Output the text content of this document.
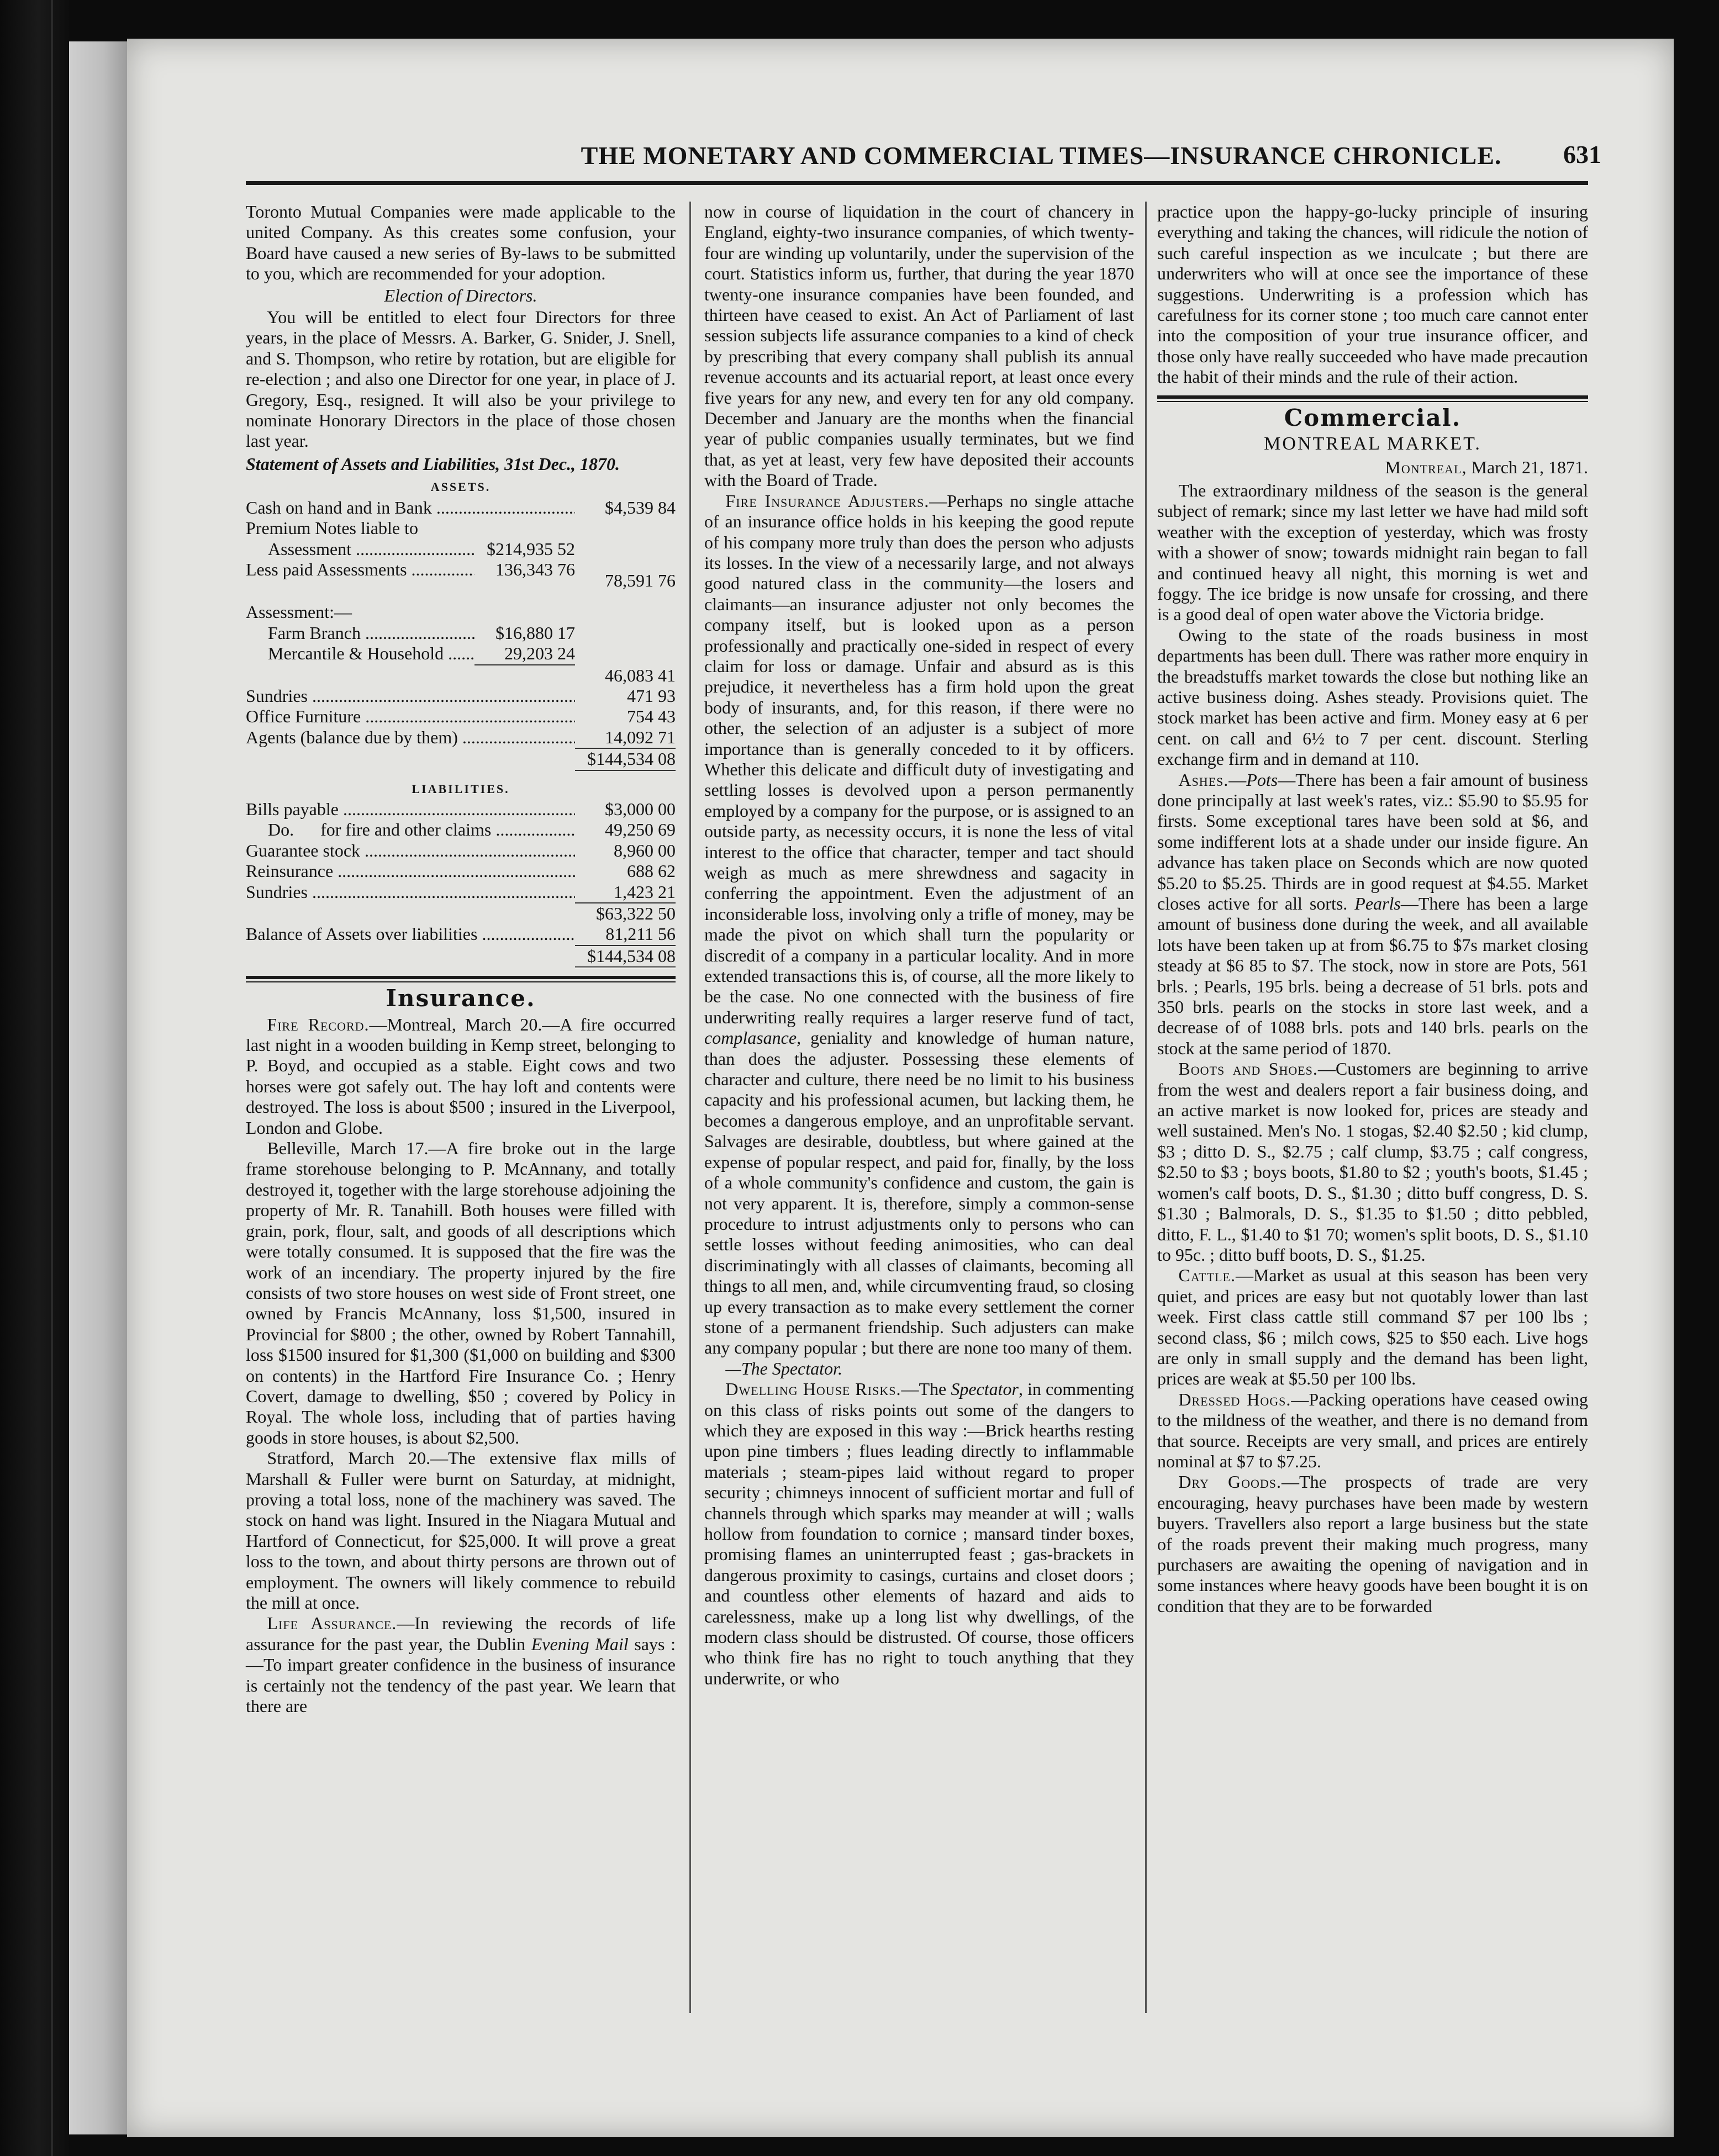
THE MONETARY AND COMMERCIAL TIMES—INSURANCE CHRONICLE.	631

Toronto Mutual Companies were made applicable to the united Company. As this creates some confusion, your Board have caused a new series of By-laws to be submitted to you, which are recommended for your adoption.

Election of Directors.

You will be entitled to elect four Directors for three years, in the place of Messrs. A. Barker, G. Snider, J. Snell, and S. Thompson, who retire by rotation, but are eligible for re-election ; and also one Director for one year, in place of J. Gregory, Esq., resigned. It will also be your privilege to nominate Honorary Directors in the place of those chosen last year.

Statement of Assets and Liabilities, 31st Dec., 1870.
ASSETS.
Cash on hand and in Bank .....	$4,539 84
Premium Notes liable to
Assessment .....	$214,935 52
Less paid Assessments .....	136,343 76
78,591 76
Assessment:—
Farm Branch .....	$16,880 17
Mercantile & Household .....	29,203 24
46,083 41
Sundries .....	471 93
Office Furniture .....	754 43
Agents (balance due by them) .....	14,092 71
$144,534 08
LIABILITIES.
Bills payable .....	$3,000 00
Do.      for fire and other claims .....	49,250 69
Guarantee stock .....	8,960 00
Reinsurance .....	688 62
Sundries .....	1,423 21
$63,322 50
Balance of Assets over liabilities .....	81,211 56
$144,534 08
Insurance.

Fire Record.—Montreal, March 20.—A fire occurred last night in a wooden building in Kemp street, belonging to P. Boyd, and occupied as a stable. Eight cows and two horses were got safely out. The hay loft and contents were destroyed. The loss is about $500 ; insured in the Liverpool, London and Globe.

Belleville, March 17.—A fire broke out in the large frame storehouse belonging to P. McAnnany, and totally destroyed it, together with the large storehouse adjoining the property of Mr. R. Tanahill. Both houses were filled with grain, pork, flour, salt, and goods of all descriptions which were totally consumed. It is supposed that the fire was the work of an incendiary. The property injured by the fire consists of two store houses on west side of Front street, one owned by Francis McAnnany, loss $1,500, insured in Provincial for $800 ; the other, owned by Robert Tannahill, loss $1500 insured for $1,300 ($1,000 on building and $300 on contents) in the Hartford Fire Insurance Co. ; Henry Covert, damage to dwelling, $50 ; covered by Policy in Royal. The whole loss, including that of parties having goods in store houses, is about $2,500.

Stratford, March 20.—The extensive flax mills of Marshall & Fuller were burnt on Saturday, at midnight, proving a total loss, none of the machinery was saved. The stock on hand was light. Insured in the Niagara Mutual and Hartford of Connecticut, for $25,000. It will prove a great loss to the town, and about thirty persons are thrown out of employment. The owners will likely commence to rebuild the mill at once.

Life Assurance.—In reviewing the records of life assurance for the past year, the Dublin Evening Mail says :—To impart greater confidence in the business of insurance is certainly not the tendency of the past year. We learn that there are

now in course of liquidation in the court of chancery in England, eighty-two insurance companies, of which twenty-four are winding up voluntarily, under the supervision of the court. Statistics inform us, further, that during the year 1870 twenty-one insurance companies have been founded, and thirteen have ceased to exist. An Act of Parliament of last session subjects life assurance companies to a kind of check by prescribing that every company shall publish its annual revenue accounts and its actuarial report, at least once every five years for any new, and every ten for any old company. December and January are the months when the financial year of public companies usually terminates, but we find that, as yet at least, very few have deposited their accounts with the Board of Trade.

Fire Insurance Adjusters.—Perhaps no single attache of an insurance office holds in his keeping the good repute of his company more truly than does the person who adjusts its losses. In the view of a necessarily large, and not always good natured class in the community—the losers and claimants—an insurance adjuster not only becomes the company itself, but is looked upon as a person professionally and practically one-sided in respect of every claim for loss or damage. Unfair and absurd as is this prejudice, it nevertheless has a firm hold upon the great body of insurants, and, for this reason, if there were no other, the selection of an adjuster is a subject of more importance than is generally conceded to it by officers. Whether this delicate and difficult duty of investigating and settling losses is devolved upon a person permanently employed by a company for the purpose, or is assigned to an outside party, as necessity occurs, it is none the less of vital interest to the office that character, temper and tact should weigh as much as mere shrewdness and sagacity in conferring the appointment. Even the adjustment of an inconsiderable loss, involving only a trifle of money, may be made the pivot on which shall turn the popularity or discredit of a company in a particular locality. And in more extended transactions this is, of course, all the more likely to be the case. No one connected with the business of fire underwriting really requires a larger reserve fund of tact, complasance, geniality and knowledge of human nature, than does the adjuster. Possessing these elements of character and culture, there need be no limit to his business capacity and his professional acumen, but lacking them, he becomes a dangerous employe, and an unprofitable servant. Salvages are desirable, doubtless, but where gained at the expense of popular respect, and paid for, finally, by the loss of a whole community's confidence and custom, the gain is not very apparent. It is, therefore, simply a common-sense procedure to intrust adjustments only to persons who can settle losses without feeding animosities, who can deal discriminatingly with all classes of claimants, becoming all things to all men, and, while circumventing fraud, so closing up every transaction as to make every settlement the corner stone of a permanent friendship. Such adjusters can make any company popular ; but there are none too many of them.

—The Spectator.

Dwelling House Risks.—The Spectator, in commenting on this class of risks points out some of the dangers to which they are exposed in this way :—Brick hearths resting upon pine timbers ; flues leading directly to inflammable materials ; steam-pipes laid without regard to proper security ; chimneys innocent of sufficient mortar and full of channels through which sparks may meander at will ; walls hollow from foundation to cornice ; mansard tinder boxes, promising flames an uninterrupted feast ; gas-brackets in dangerous proximity to casings, curtains and closet doors ; and countless other elements of hazard and aids to carelessness, make up a long list why dwellings, of the modern class should be distrusted. Of course, those officers who think fire has no right to touch anything that they underwrite, or who

practice upon the happy-go-lucky principle of insuring everything and taking the chances, will ridicule the notion of such careful inspection as we inculcate ; but there are underwriters who will at once see the importance of these suggestions. Underwriting is a profession which has carefulness for its corner stone ; too much care cannot enter into the composition of your true insurance officer, and those only have really succeeded who have made precaution the habit of their minds and the rule of their action.

Commercial.
MONTREAL MARKET.
Montreal, March 21, 1871.

The extraordinary mildness of the season is the general subject of remark; since my last letter we have had mild soft weather with the exception of yesterday, which was frosty with a shower of snow; towards midnight rain began to fall and continued heavy all night, this morning is wet and foggy. The ice bridge is now unsafe for crossing, and there is a good deal of open water above the Victoria bridge.

Owing to the state of the roads business in most departments has been dull. There was rather more enquiry in the breadstuffs market towards the close but nothing like an active business doing. Ashes steady. Provisions quiet. The stock market has been active and firm. Money easy at 6 per cent. on call and 6½ to 7 per cent. discount. Sterling exchange firm and in demand at 110.

Ashes.—Pots—There has been a fair amount of business done principally at last week's rates, viz.: $5.90 to $5.95 for firsts. Some exceptional tares have been sold at $6, and some indifferent lots at a shade under our inside figure. An advance has taken place on Seconds which are now quoted $5.20 to $5.25. Thirds are in good request at $4.55. Market closes active for all sorts. Pearls—There has been a large amount of business done during the week, and all available lots have been taken up at from $6.75 to $7s market closing steady at $6 85 to $7. The stock, now in store are Pots, 561 brls. ; Pearls, 195 brls. being a decrease of 51 brls. pots and 350 brls. pearls on the stocks in store last week, and a decrease of of 1088 brls. pots and 140 brls. pearls on the stock at the same period of 1870.

Boots and Shoes.—Customers are beginning to arrive from the west and dealers report a fair business doing, and an active market is now looked for, prices are steady and well sustained. Men's No. 1 stogas, $2.40 $2.50 ; kid clump, $3 ; ditto D. S., $2.75 ; calf clump, $3.75 ; calf congress, $2.50 to $3 ; boys boots, $1.80 to $2 ; youth's boots, $1.45 ; women's calf boots, D. S., $1.30 ; ditto buff congress, D. S. $1.30 ; Balmorals, D. S., $1.35 to $1.50 ; ditto pebbled, ditto, F. L., $1.40 to $1 70; women's split boots, D. S., $1.10 to 95c. ; ditto buff boots, D. S., $1.25.

Cattle.—Market as usual at this season has been very quiet, and prices are easy but not quotably lower than last week. First class cattle still command $7 per 100 lbs ; second class, $6 ; milch cows, $25 to $50 each. Live hogs are only in small supply and the demand has been light, prices are weak at $5.50 per 100 lbs.

Dressed Hogs.—Packing operations have ceased owing to the mildness of the weather, and there is no demand from that source. Receipts are very small, and prices are entirely nominal at $7 to $7.25.

Dry Goods.—The prospects of trade are very encouraging, heavy purchases have been made by western buyers. Travellers also report a large business but the state of the roads prevent their making much progress, many purchasers are awaiting the opening of navigation and in some instances where heavy goods have been bought it is on condition that they are to be forwarded
